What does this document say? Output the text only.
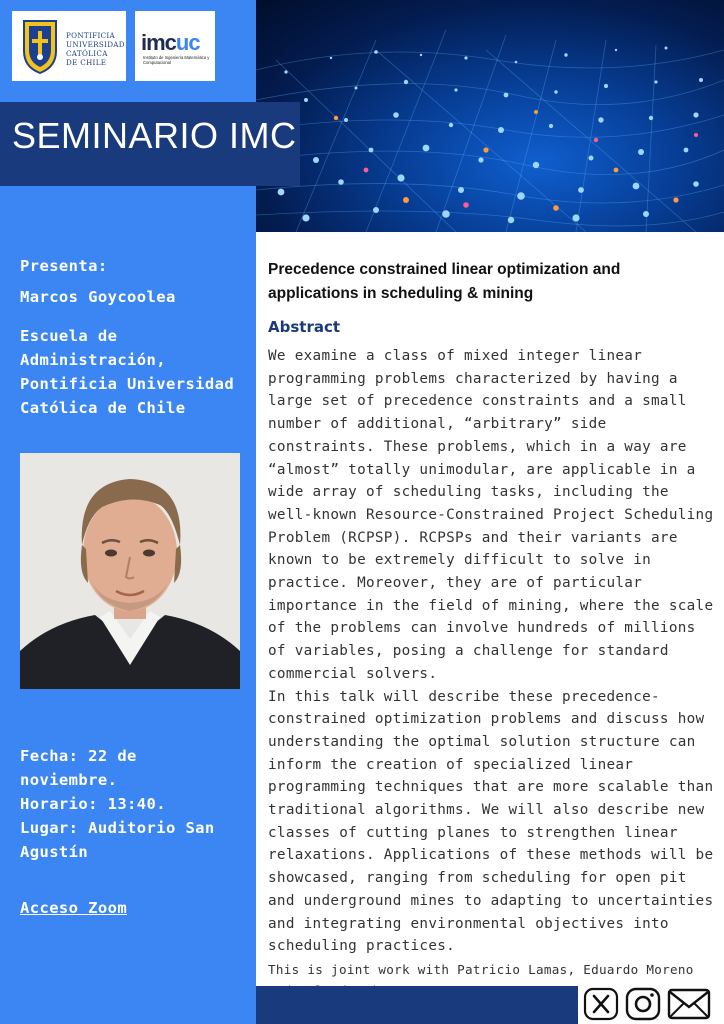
PONTIFICIA
UNIVERSIDAD
CATÓLICA
DE CHILE
imcuc
Instituto de Ingeniería Matemática y Computacional
SEMINARIO IMC
Presenta:
Marcos Goycoolea
Escuela de
Administración,
Pontificia Universidad
Católica de Chile
Fecha: 22 de
noviembre.
Horario: 13:40.
Lugar: Auditorio San
Agustín
Acceso Zoom
Precedence constrained linear optimization and
applications in scheduling & mining
Abstract

We examine a class of mixed integer linear programming problems characterized by having a large set of precedence constraints and a small number of additional, “arbitrary” side constraints. These problems, which in a way are “almost” totally unimodular, are applicable in a wide array of scheduling tasks, including the well-known Resource-Constrained Project Scheduling Problem (RCPSP). RCPSPs and their variants are known to be extremely difficult to solve in practice. Moreover, they are of particular importance in the field of mining, where the scale of the problems can involve hundreds of millions of variables, posing a challenge for standard commercial solvers.

In this talk will describe these precedence-constrained optimization problems and discuss how understanding the optimal solution structure can inform the creation of specialized linear programming techniques that are more scalable than traditional algorithms. We will also describe new classes of cutting planes to strengthen linear relaxations. Applications of these methods will be showcased, ranging from scheduling for open pit and underground mines to adapting to uncertainties and integrating environmental objectives into scheduling practices.

This is joint work with Patricio Lamas, Eduardo Moreno
